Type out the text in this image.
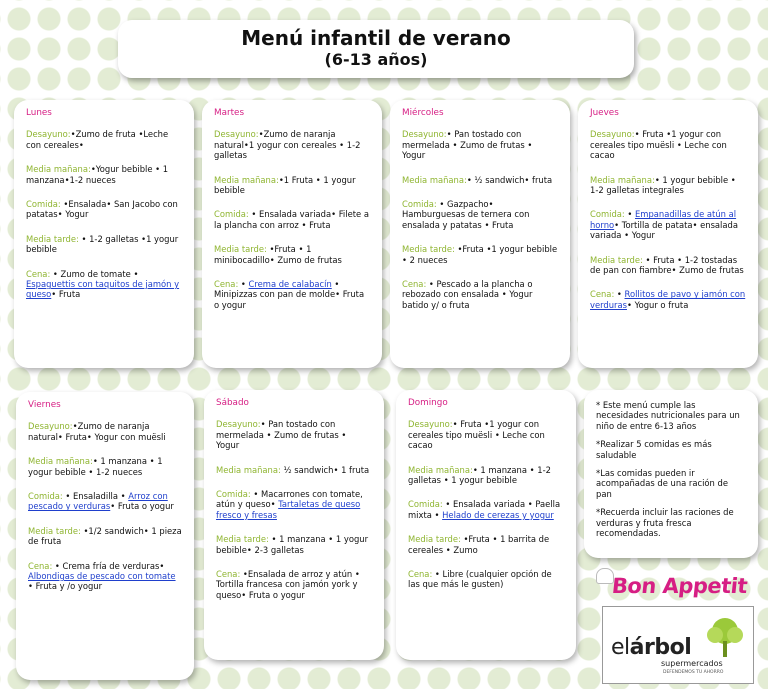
Menú infantil de verano
(6-13 años)
Lunes
Desayuno:•Zumo de fruta •Leche con cereales•
Media mañana:•Yogur bebible • 1 manzana•1-2 nueces
Comida: •Ensalada• San Jacobo con patatas• Yogur
Media tarde: • 1-2 galletas •1 yogur bebible
Cena: • Zumo de tomate • Espaguettis con taquitos de jamón y queso• Fruta
Martes
Desayuno:•Zumo de naranja natural•1 yogur con cereales • 1-2 galletas
Media mañana:•1 Fruta • 1 yogur bebible
Comida: • Ensalada variada• Filete a la plancha con arroz • Fruta
Media tarde: •Fruta • 1 minibocadillo• Zumo de frutas
Cena: • Crema de calabacín • Minipizzas con pan de molde• Fruta o yogur
Miércoles
Desayuno:• Pan tostado con mermelada • Zumo de frutas • Yogur
Media mañana:• ½ sandwich• fruta
Comida: • Gazpacho• Hamburguesas de ternera con ensalada y patatas • Fruta
Media tarde: •Fruta •1 yogur bebible • 2 nueces
Cena: • Pescado a la plancha o rebozado con ensalada • Yogur batido y/ o fruta
Jueves
Desayuno:• Fruta •1 yogur con cereales tipo muësli • Leche con cacao
Media mañana:• 1 yogur bebible • 1-2 galletas integrales
Comida: • Empanadillas de atún al horno• Tortilla de patata• ensalada variada • Yogur
Media tarde: • Fruta • 1-2 tostadas de pan con fiambre• Zumo de frutas
Cena: • Rollitos de pavo y jamón con verduras• Yogur o fruta
Viernes
Desayuno:•Zumo de naranja natural• Fruta• Yogur con muësli
Media mañana:• 1 manzana • 1 yogur bebible • 1-2 nueces
Comida: • Ensaladilla • Arroz con pescado y verduras• Fruta o yogur
Media tarde: •1/2 sandwich• 1 pieza de fruta
Cena: • Crema fría de verduras• Albondigas de pescado con tomate • Fruta y /o yogur
Sábado
Desayuno:• Pan tostado con mermelada • Zumo de frutas • Yogur
Media mañana: ½ sandwich• 1 fruta
Comida: • Macarrones con tomate, atún y queso• Tartaletas de queso fresco y fresas
Media tarde: • 1 manzana • 1 yogur bebible• 2-3 galletas
Cena: •Ensalada de arroz y atún • Tortilla francesa con jamón york y queso• Fruta o yogur
Domingo
Desayuno:• Fruta •1 yogur con cereales tipo muësli • Leche con cacao
Media mañana:• 1 manzana • 1-2 galletas • 1 yogur bebible
Comida: • Ensalada variada • Paella mixta • Helado de cerezas y yogur
Media tarde: •Fruta • 1 barrita de cereales • Zumo
Cena: • Libre (cualquier opción de las que más le gusten)

* Este menú cumple las necesidades nutricionales para un niño de entre 6-13 años

*Realizar 5 comidas es más saludable

*Las comidas pueden ir acompañadas de una ración de pan

*Recuerda incluir las raciones de verduras y fruta fresca recomendadas.

Bon Appetit
elárbol
supermercados
DEFENDEMOS TU AHORRO
